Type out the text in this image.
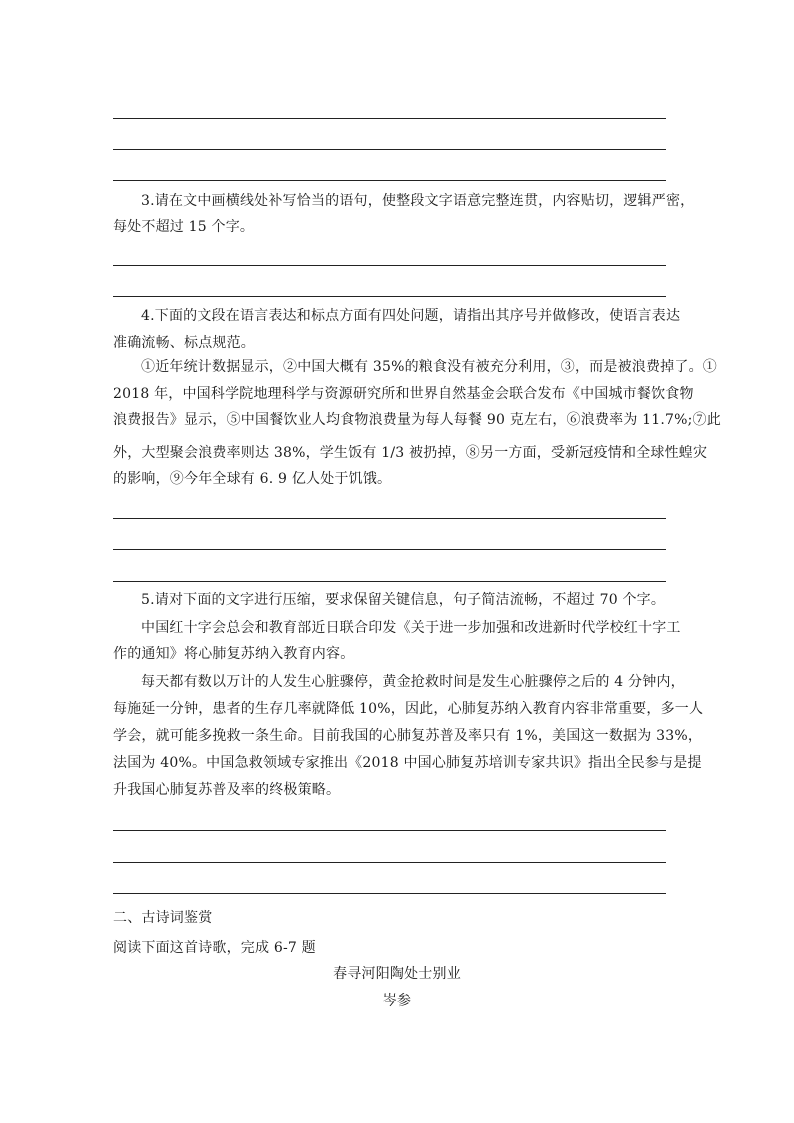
3.请在文中画横线处补写恰当的语句，使整段文字语意完整连贯，内容贴切，逻辑严密，
每处不超过 15 个字。
4.下面的文段在语言表达和标点方面有四处问题，请指出其序号并做修改，使语言表达
准确流畅、标点规范。
①近年统计数据显示，②中国大概有 35%的粮食没有被充分利用，③，而是被浪费掉了。①
2018 年，中国科学院地理科学与资源研究所和世界自然基金会联合发布《中国城市餐饮食物
浪费报告》显示，⑤中国餐饮业人均食物浪费量为每人每餐 90 克左右，⑥浪费率为 11.7%;⑦此
外，大型聚会浪费率则达 38%，学生饭有 1/3 被扔掉，⑧另一方面，受新冠疫情和全球性蝗灾
的影响，⑨今年全球有 6. 9 亿人处于饥饿。
5.请对下面的文字进行压缩，要求保留关键信息，句子简洁流畅，不超过 70 个字。
中国红十字会总会和教育部近日联合印发《关于进一步加强和改进新时代学校红十字工
作的通知》将心肺复苏纳入教育内容。
每天都有数以万计的人发生心脏骤停，黄金抢救时间是发生心脏骤停之后的 4 分钟内，
每施延一分钟，患者的生存几率就降低 10%，因此，心肺复苏纳入教育内容非常重要，多一人
学会，就可能多挽救一条生命。目前我国的心肺复苏普及率只有 1%，美国这一数据为 33%，
法国为 40%。中国急救领域专家推出《2018 中国心肺复苏培训专家共识》指出全民参与是提
升我国心肺复苏普及率的终极策略。
二、古诗词鉴赏
阅读下面这首诗歌，完成 6-7 题
春寻河阳陶处士别业
岑参
